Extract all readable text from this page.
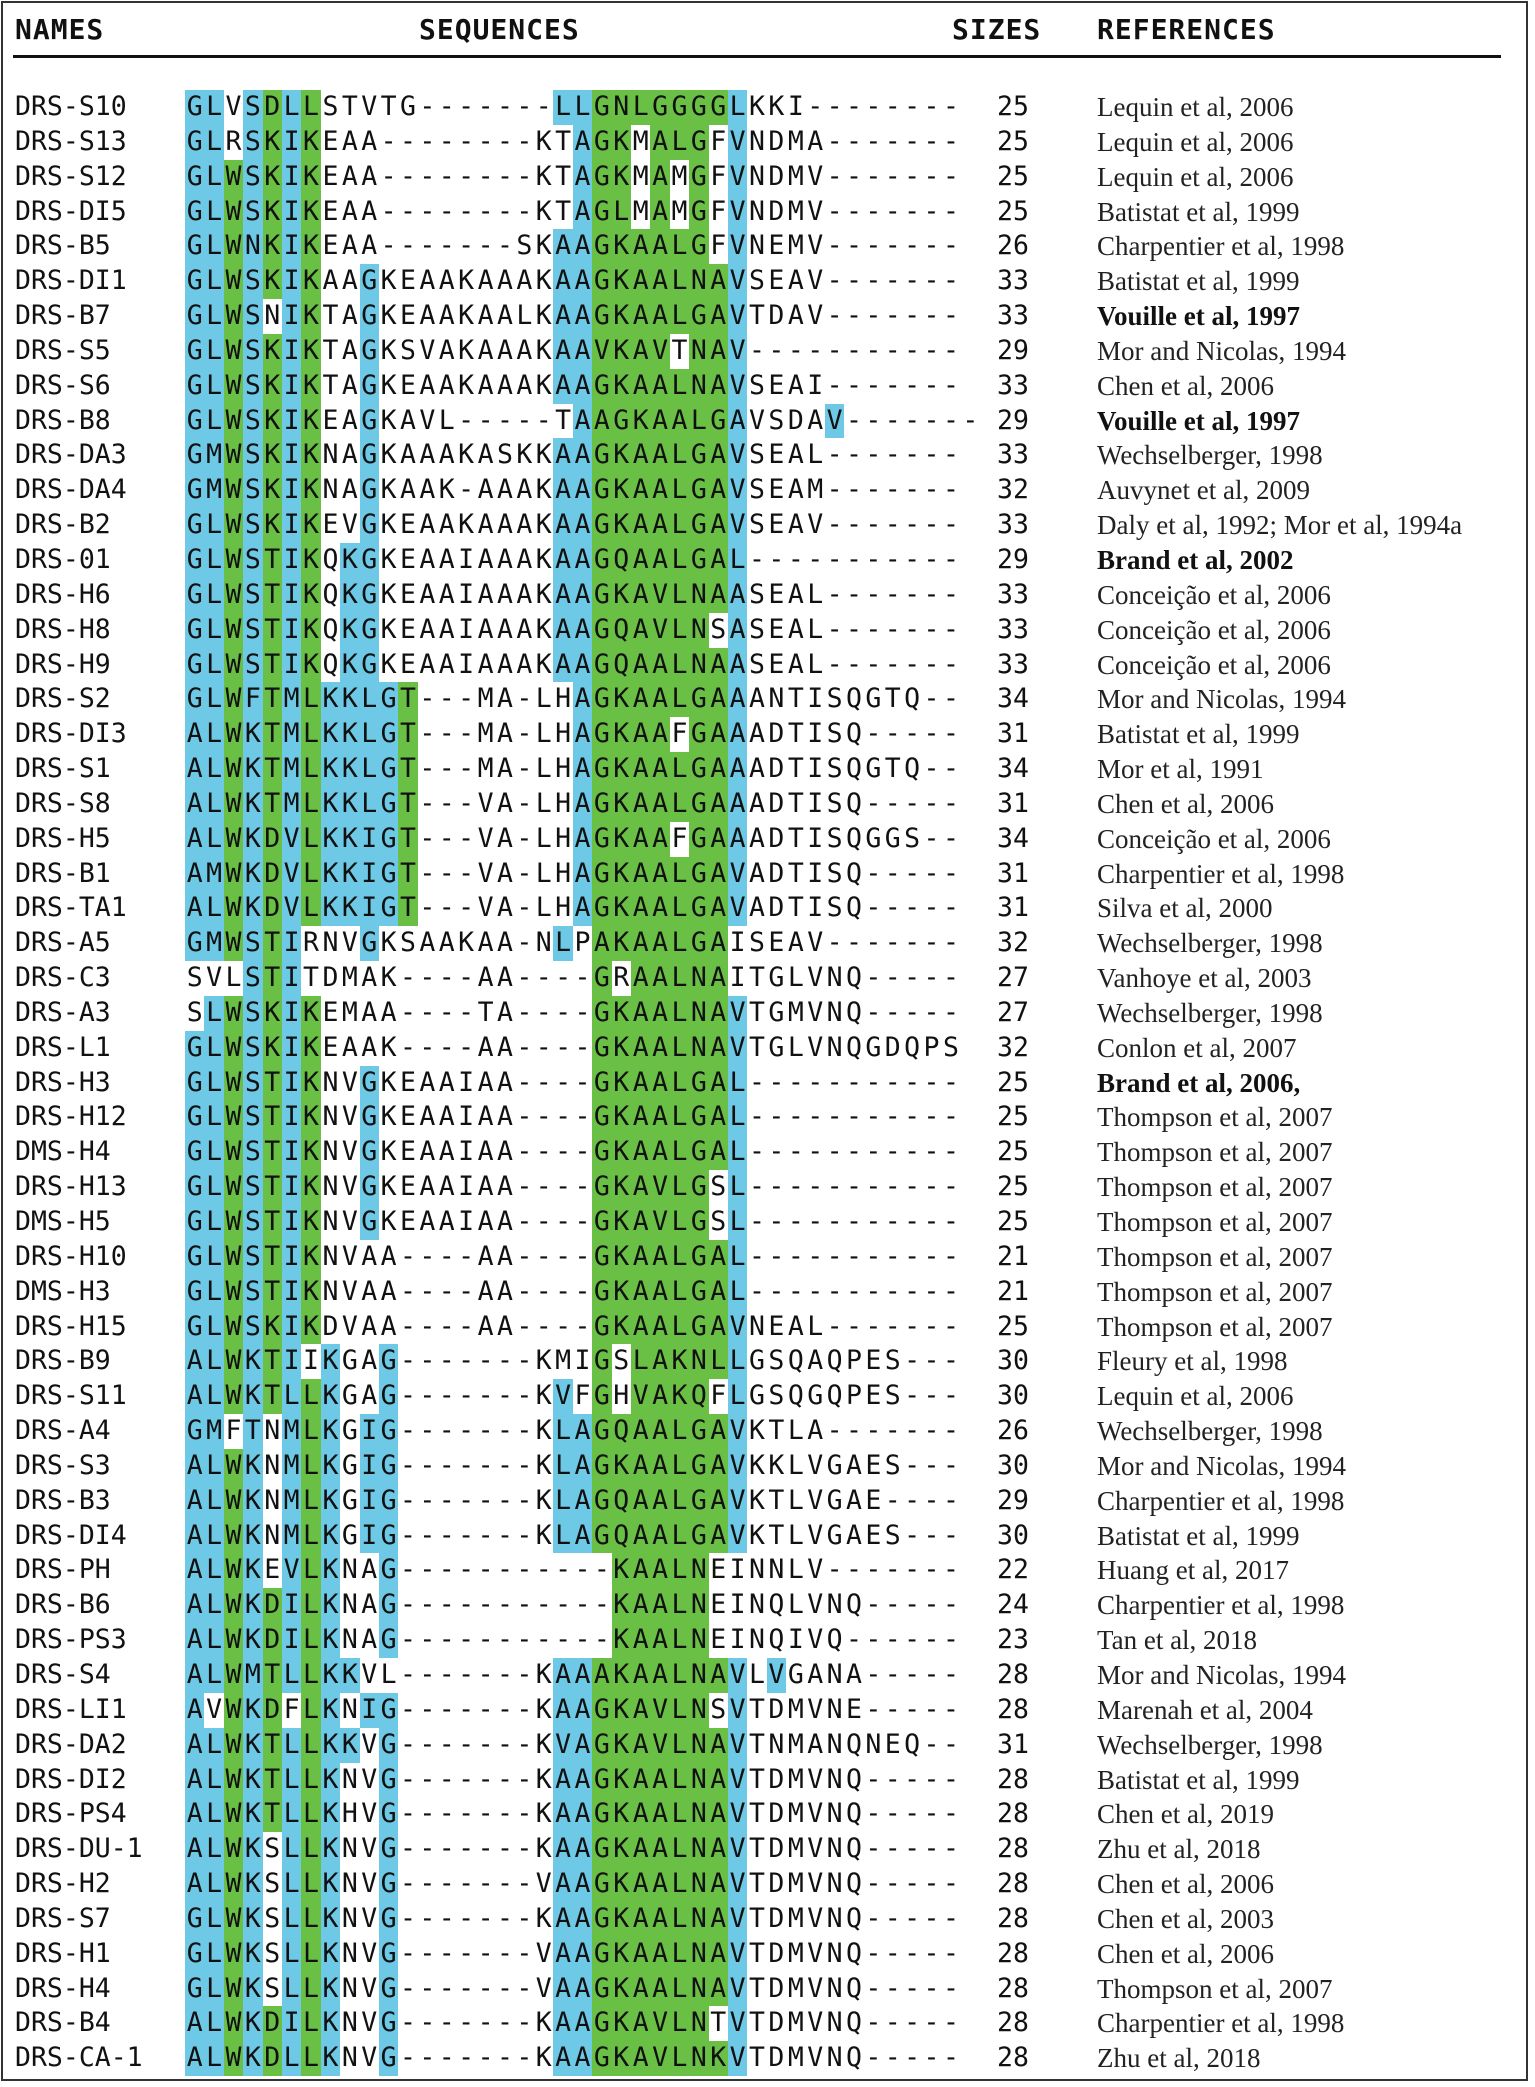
NAMES	SEQUENCES	SIZES REFERENCES
DRS-S10 G L V S D L L S T V T G - - - - - - - L L G N L G G G G L K K I - - - - - - - -	25	Lequin et al, 2006
DRS-S13 G L R S K I K E A A - - - - - - - - K T A G K M A L G F V N D M A - - - - - - -	25	Lequin et al, 2006
DRS-S12 G L W S K I K E A A - - - - - - - - K T A G K M A M G F V N D M V - - - - - - -	25	Lequin et al, 2006
DRS-DI5 G L W S K I K E A A - - - - - - - - K T A G L M A M G F V N D M V - - - - - - -	25	Batistat et al, 1999
DRS-B5	G L W N K I K E A A - - - - - - - S K A A G K A A L G F V N E M V - - - - - - -	26	Charpentier et al, 1998
DRS-DI1 G L W S K I K A A G K E A A K A A A K A A G K A A L N A V S E A V - - - - - - -	33	Batistat et al, 1999
DRS-B7	G L W S N I K T A G K E A A K A A L K A A G K A A L G A V T D A V - - - - - - -	33	Vouille et al, 1997
DRS-S5	G L W S K I K T A G K S V A K A A A K A A V K A V T N A V - - - - - - - - - - -	29	Mor and Nicolas, 1994
DRS-S6	G L W S K I K T A G K E A A K A A A K A A G K A A L N A V S E A I - - - - - - -	33	Chen et al, 2006
DRS-B8	G L W S K I K E A G K A V L - - - - - T A A G K A A L G A V S D A V - - - - - - - 29	Vouille et al, 1997
DRS-DA3 G M W S K I K N A G K A A A K A S K K A A G K A A L G A V S E A L - - - - - - -	33	Wechselberger, 1998
DRS-DA4 G M W S K I K N A G K A A K - A A A K A A G K A A L G A V S E A M - - - - - - -	32	Auvynet et al, 2009
DRS-B2	G L W S K I K E V G K E A A K A A A K A A G K A A L G A V S E A V - - - - - - -	33	Daly et al, 1992; Mor et al, 1994a
DRS-01	G L W S T I K Q K G K E A A I A A A K A A G Q A A L G A L - - - - - - - - - - -	29	Brand et al, 2002
DRS-H6	G L W S T I K Q K G K E A A I A A A K A A G K A V L N A A S E A L - - - - - - -	33	Conceição et al, 2006
DRS-H8	G L W S T I K Q K G K E A A I A A A K A A G Q A V L N S A S E A L - - - - - - -	33	Conceição et al, 2006
DRS-H9	G L W S T I K Q K G K E A A I A A A K A A G Q A A L N A A S E A L - - - - - - -	33	Conceição et al, 2006
DRS-S2	G L W F T M L K K L G T - - - M A - L H A G K A A L G A A A N T I S Q G T Q - -	34	Mor and Nicolas, 1994
DRS-DI3 A L W K T M L K K L G T - - - M A - L H A G K A A F G A A A D T I S Q - - - - -	31	Batistat et al, 1999
DRS-S1	A L W K T M L K K L G T - - - M A - L H A G K A A L G A A A D T I S Q G T Q - -	34	Mor et al, 1991
DRS-S8	A L W K T M L K K L G T - - - V A - L H A G K A A L G A A A D T I S Q - - - - -	31	Chen et al, 2006
DRS-H5	A L W K D V L K K I G T - - - V A - L H A G K A A F G A A A D T I S Q G G S - -	34	Conceição et al, 2006
DRS-B1	A M W K D V L K K I G T - - - V A - L H A G K A A L G A V A D T I S Q - - - - -	31	Charpentier et al, 1998
DRS-TA1 A L W K D V L K K I G T - - - V A - L H A G K A A L G A V A D T I S Q - - - - -	31	Silva et al, 2000
DRS-A5	G M W S T I R N V G K S A A K A A - N L P A K A A L G A I S E A V - - - - - - -	32	Wechselberger, 1998
DRS-C3	S V L S T I T D M A K - - - - A A - - - - G R A A L N A I T G L V N Q - - - - -	27	Vanhoye et al, 2003
DRS-A3	S L W S K I K E M A A - - - - T A - - - - G K A A L N A V T G M V N Q - - - - -	27	Wechselberger, 1998
DRS-L1	G L W S K I K E A A K - - - - A A - - - - G K A A L N A V T G L V N Q G D Q P S	32	Conlon et al, 2007
DRS-H3	G L W S T I K N V G K E A A I A A - - - - G K A A L G A L - - - - - - - - - - -	25	Brand et al, 2006,
DRS-H12 G L W S T I K N V G K E A A I A A - - - - G K A A L G A L - - - - - - - - - - -	25	Thompson et al, 2007
DMS-H4	G L W S T I K N V G K E A A I A A - - - - G K A A L G A L - - - - - - - - - - -	25	Thompson et al, 2007
DRS-H13 G L W S T I K N V G K E A A I A A - - - - G K A V L G S L - - - - - - - - - - -	25	Thompson et al, 2007
DMS-H5	G L W S T I K N V G K E A A I A A - - - - G K A V L G S L - - - - - - - - - - -	25	Thompson et al, 2007
DRS-H10 G L W S T I K N V A A - - - - A A - - - - G K A A L G A L - - - - - - - - - - -	21	Thompson et al, 2007
DMS-H3	G L W S T I K N V A A - - - - A A - - - - G K A A L G A L - - - - - - - - - - -	21	Thompson et al, 2007
DRS-H15 G L W S K I K D V A A - - - - A A - - - - G K A A L G A V N E A L - - - - - - -	25	Thompson et al, 2007
DRS-B9	A L W K T I I K G A G - - - - - - - K M I G S L A K N L L G S Q A Q P E S - - -	30	Fleury et al, 1998
DRS-S11 A L W K T L L K G A G - - - - - - - K V F G H V A K Q F L G S Q G Q P E S - - -	30	Lequin et al, 2006
DRS-A4	G M F T N M L K G I G - - - - - - - K L A G Q A A L G A V K T L A - - - - - - -	26	Wechselberger, 1998
DRS-S3	A L W K N M L K G I G - - - - - - - K L A G K A A L G A V K K L V G A E S - - -	30	Mor and Nicolas, 1994
DRS-B3	A L W K N M L K G I G - - - - - - - K L A G Q A A L G A V K T L V G A E - - - -	29	Charpentier et al, 1998
DRS-DI4 A L W K N M L K G I G - - - - - - - K L A G Q A A L G A V K T L V G A E S - - -	30	Batistat et al, 1999
DRS-PH	A L W K E V L K N A G - - - - - - - - - - - K A A L N E I N N L V - - - - - - -	22	Huang et al, 2017
DRS-B6	A L W K D I L K N A G - - - - - - - - - - - K A A L N E I N Q L V N Q - - - - -	24	Charpentier et al, 1998
DRS-PS3 A L W K D I L K N A G - - - - - - - - - - - K A A L N E I N Q I V Q - - - - - -	23	Tan et al, 2018
DRS-S4	A L W M T L L K K V L - - - - - - - K A A A K A A L N A V L V G A N A - - - - -	28	Mor and Nicolas, 1994
DRS-LI1 A V W K D F L K N I G - - - - - - - K A A G K A V L N S V T D M V N E - - - - -	28	Marenah et al, 2004
DRS-DA2 A L W K T L L K K V G - - - - - - - K V A G K A V L N A V T N M A N Q N E Q - -	31	Wechselberger, 1998
DRS-DI2 A L W K T L L K N V G - - - - - - - K A A G K A A L N A V T D M V N Q - - - - -	28	Batistat et al, 1999
DRS-PS4 A L W K T L L K H V G - - - - - - - K A A G K A A L N A V T D M V N Q - - - - -	28	Chen et al, 2019
DRS-DU-1 A L W K S L L K N V G - - - - - - - K A A G K A A L N A V T D M V N Q - - - - -	28	Zhu et al, 2018
DRS-H2	A L W K S L L K N V G - - - - - - - V A A G K A A L N A V T D M V N Q - - - - -	28	Chen et al, 2006
DRS-S7	G L W K S L L K N V G - - - - - - - K A A G K A A L N A V T D M V N Q - - - - -	28	Chen et al, 2003
DRS-H1	G L W K S L L K N V G - - - - - - - V A A G K A A L N A V T D M V N Q - - - - -	28	Chen et al, 2006
DRS-H4	G L W K S L L K N V G - - - - - - - V A A G K A A L N A V T D M V N Q - - - - -	28	Thompson et al, 2007
DRS-B4	A L W K D I L K N V G - - - - - - - K A A G K A V L N T V T D M V N Q - - - - -	28	Charpentier et al, 1998
DRS-CA-1 A L W K D L L K N V G - - - - - - - K A A G K A V L N K V T D M V N Q - - - - -	28	Zhu et al, 2018
